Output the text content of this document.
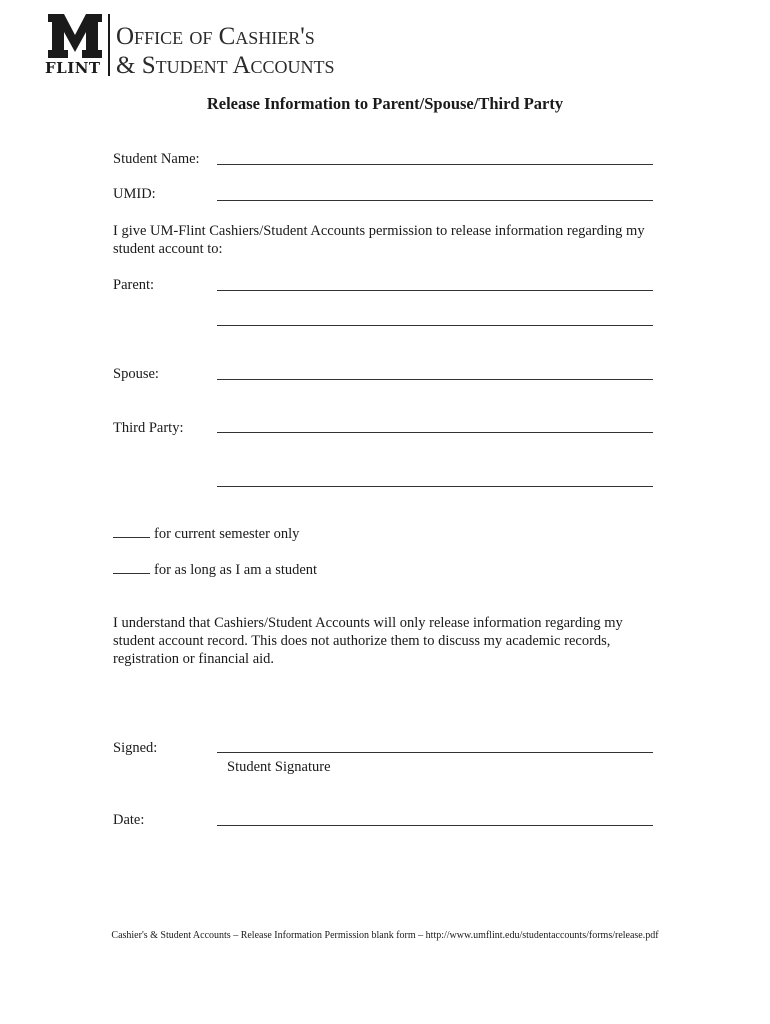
FLINT
Office of Cashier's
& Student Accounts
Release Information to Parent/Spouse/Third Party
Student Name:
UMID:
I give UM-Flint Cashiers/Student Accounts permission to release information regarding my student account to:
Parent:
Spouse:
Third Party:
for current semester only
for as long as I am a student
I understand that Cashiers/Student Accounts will only release information regarding my student account record. This does not authorize them to discuss my academic records, registration or financial aid.
Signed:
Student Signature
Date:
Cashier's & Student Accounts – Release Information Permission blank form – http://www.umflint.edu/studentaccounts/forms/release.pdf
